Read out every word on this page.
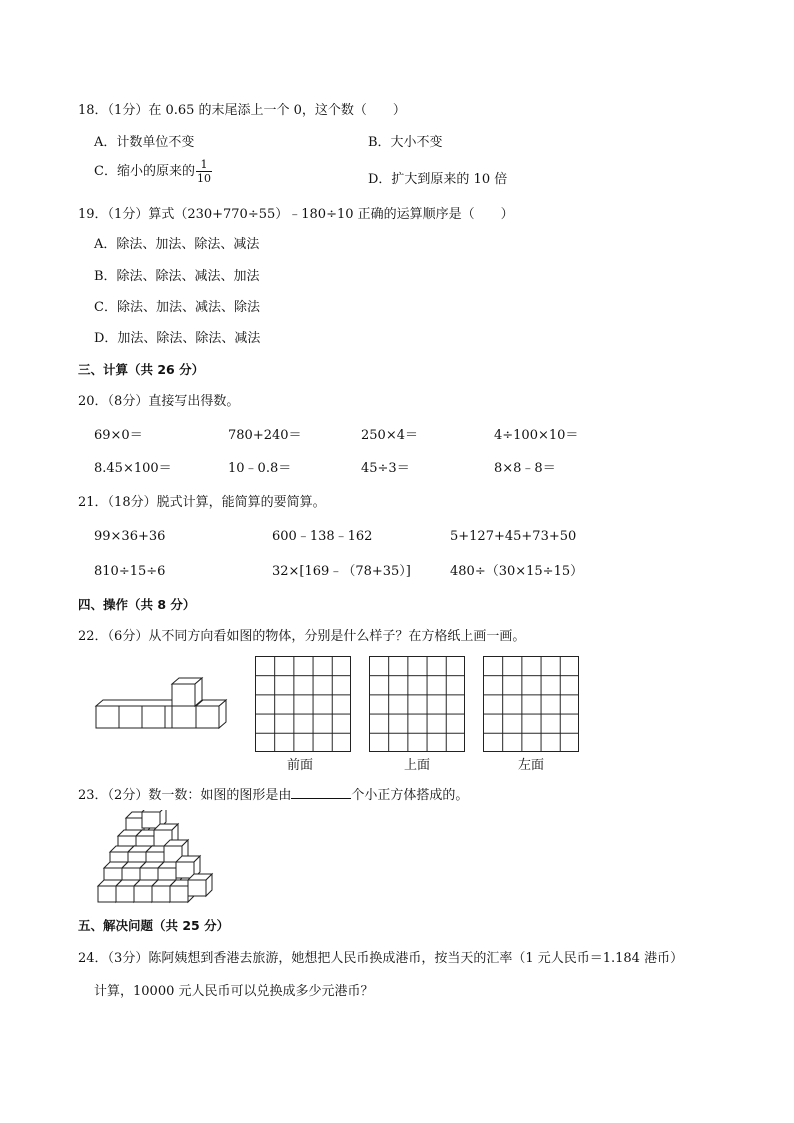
18．（1分）在 0.65 的末尾添上一个 0，这个数（　　）
A．计数单位不变	B．大小不变
C．缩小的原来的 $\frac{1}{10}$	D．扩大到原来的 10 倍
19．（1分）算式（230+770÷55）﹣180÷10 正确的运算顺序是（　　）
A．除法、加法、除法、减法
B．除法、除法、减法、加法
C．除法、加法、减法、除法
D．加法、除法、除法、减法
三、计算（共 26 分）
20．（8分）直接写出得数。
69×0＝	780+240＝	250×4＝	4÷100×10＝
8.45×100＝	10﹣0.8＝	45÷3＝	8×8﹣8＝
21．（18分）脱式计算，能简算的要简算。
99×36+36	600﹣138﹣162	5+127+45+73+50
810÷15÷6	32×[169﹣（78+35）]	480÷（30×15÷15）
四、操作（共 8 分）
22．（6分）从不同方向看如图的物体，分别是什么样子？在方格纸上画一画。
前面	上面	左面
23．（2分）数一数：如图的图形是由	个小正方体搭成的。
五、解决问题（共 25 分）
24．（3分）陈阿姨想到香港去旅游，她想把人民币换成港币，按当天的汇率（1 元人民币＝1.184 港币）
计算，10000 元人民币可以兑换成多少元港币？
